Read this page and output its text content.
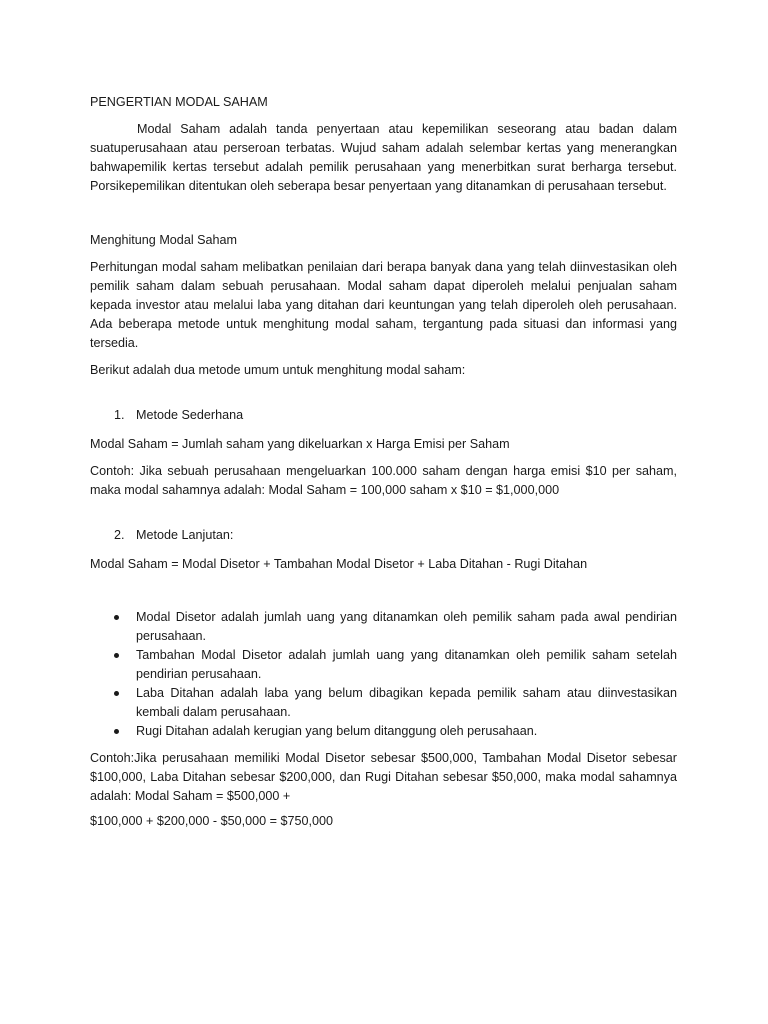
PENGERTIAN MODAL SAHAM

Modal Saham adalah tanda penyertaan atau kepemilikan seseorang atau badan dalam suatuperusahaan atau perseroan terbatas. Wujud saham adalah selembar kertas yang menerangkan bahwapemilik kertas tersebut adalah pemilik perusahaan yang menerbitkan surat berharga tersebut. Porsikepemilikan ditentukan oleh seberapa besar penyertaan yang ditanamkan di perusahaan tersebut.

Menghitung Modal Saham

Perhitungan modal saham melibatkan penilaian dari berapa banyak dana yang telah diinvestasikan oleh pemilik saham dalam sebuah perusahaan. Modal saham dapat diperoleh melalui penjualan saham kepada investor atau melalui laba yang ditahan dari keuntungan yang telah diperoleh oleh perusahaan. Ada beberapa metode untuk menghitung modal saham, tergantung pada situasi dan informasi yang tersedia.

Berikut adalah dua metode umum untuk menghitung modal saham:

1. Metode Sederhana

Modal Saham = Jumlah saham yang dikeluarkan x Harga Emisi per Saham

Contoh: Jika sebuah perusahaan mengeluarkan 100.000 saham dengan harga emisi $10 per saham, maka modal sahamnya adalah: Modal Saham = 100,000 saham x $10 = $1,000,000

2. Metode Lanjutan:

Modal Saham = Modal Disetor + Tambahan Modal Disetor + Laba Ditahan - Rugi Ditahan

Modal Disetor adalah jumlah uang yang ditanamkan oleh pemilik saham pada awal pendirian perusahaan.
Tambahan Modal Disetor adalah jumlah uang yang ditanamkan oleh pemilik saham setelah pendirian perusahaan.
Laba Ditahan adalah laba yang belum dibagikan kepada pemilik saham atau diinvestasikan kembali dalam perusahaan.
Rugi Ditahan adalah kerugian yang belum ditanggung oleh perusahaan.

Contoh:Jika perusahaan memiliki Modal Disetor sebesar $500,000, Tambahan Modal Disetor sebesar $100,000, Laba Ditahan sebesar $200,000, dan Rugi Ditahan sebesar $50,000, maka modal sahamnya adalah: Modal Saham = $500,000 +

$100,000 + $200,000 - $50,000 = $750,000
